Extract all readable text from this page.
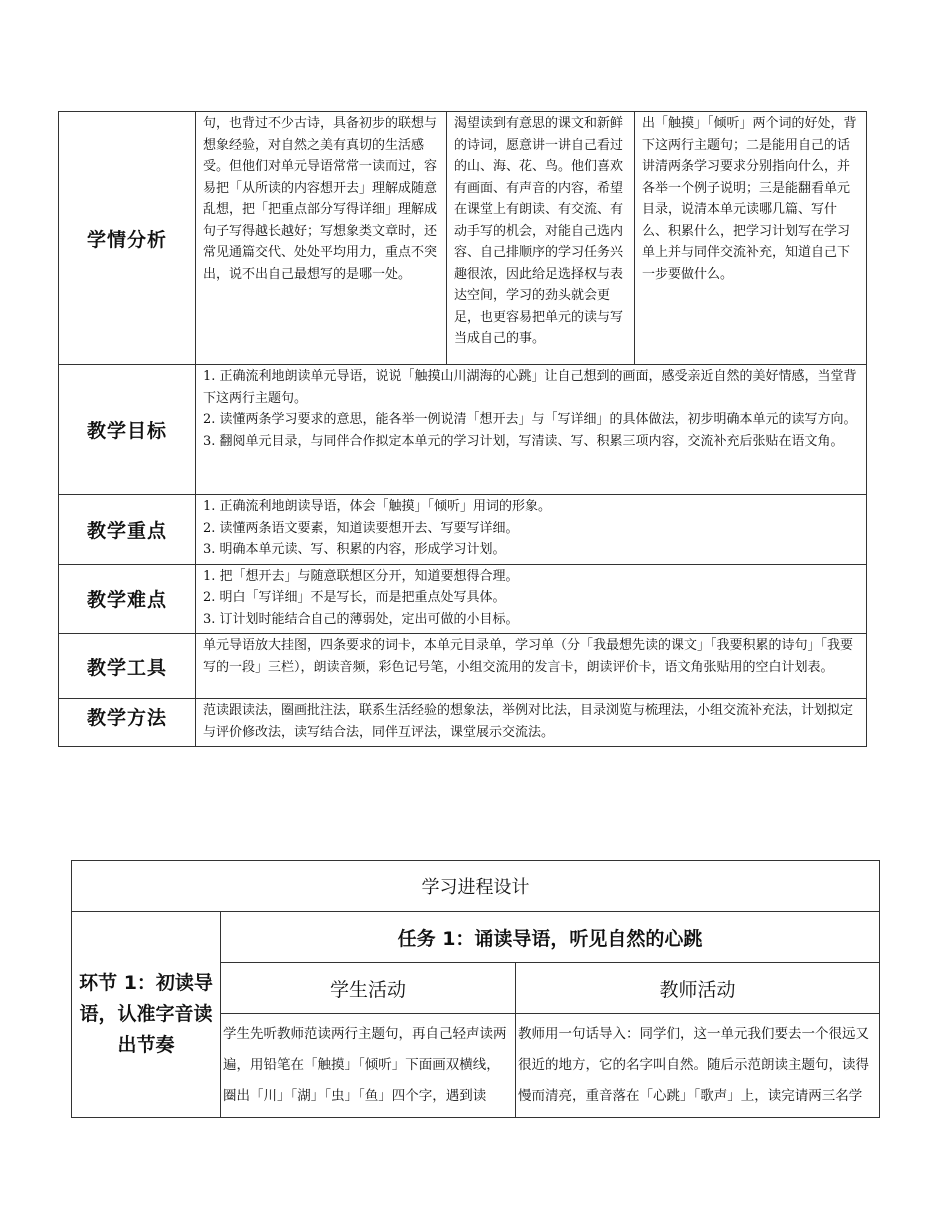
学情分析	句，也背过不少古诗，具备初步的联想与想象经验，对自然之美有真切的生活感受。但他们对单元导语常常一读而过，容易把「从所读的内容想开去」理解成随意乱想，把「把重点部分写得详细」理解成句子写得越长越好；写想象类文章时，还常见通篇交代、处处平均用力，重点不突出，说不出自己最想写的是哪一处。	渴望读到有意思的课文和新鲜的诗词，愿意讲一讲自己看过的山、海、花、鸟。他们喜欢有画面、有声音的内容，希望在课堂上有朗读、有交流、有动手写的机会，对能自己选内容、自己排顺序的学习任务兴趣很浓，因此给足选择权与表达空间，学习的劲头就会更足，也更容易把单元的读与写当成自己的事。	出「触摸」「倾听」两个词的好处，背下这两行主题句；二是能用自己的话讲清两条学习要求分别指向什么，并各举一个例子说明；三是能翻看单元目录，说清本单元读哪几篇、写什么、积累什么，把学习计划写在学习单上并与同伴交流补充，知道自己下一步要做什么。

教学目标	1. 正确流利地朗读单元导语，说说「触摸山川湖海的心跳」让自己想到的画面，感受亲近自然的美好情感，当堂背下这两行主题句。

2. 读懂两条学习要求的意思，能各举一例说清「想开去」与「写详细」的具体做法，初步明确本单元的读写方向。

3. 翻阅单元目录，与同伴合作拟定本单元的学习计划，写清读、写、积累三项内容，交流补充后张贴在语文角。		

教学重点	1. 正确流利地朗读导语，体会「触摸」「倾听」用词的形象。

2. 读懂两条语文要素，知道读要想开去、写要写详细。

3. 明确本单元读、写、积累的内容，形成学习计划。		

教学难点	1. 把「想开去」与随意联想区分开，知道要想得合理。

2. 明白「写详细」不是写长，而是把重点处写具体。

3. 订计划时能结合自己的薄弱处，定出可做的小目标。		

教学工具	单元导语放大挂图，四条要求的词卡，本单元目录单，学习单（分「我最想先读的课文」「我要积累的诗句」「我要写的一段」三栏），朗读音频，彩色记号笔，小组交流用的发言卡，朗读评价卡，语文角张贴用的空白计划表。		

教学方法	范读跟读法，圈画批注法，联系生活经验的想象法，举例对比法，目录浏览与梳理法，小组交流补充法，计划拟定与评价修改法，读写结合法，同伴互评法，课堂展示交流法。		

学习进程设计		
环节 1：初读导语，认准字音读出节奏	任务 1：诵读导语，听见自然的心跳	
	学生活动	教师活动

	学生先听教师范读两行主题句，再自己轻声读两遍，用铅笔在「触摸」「倾听」下面画双横线，圈出「川」「湖」「虫」「鱼」四个字，遇到读	教师用一句话导入：同学们，这一单元我们要去一个很远又很近的地方，它的名字叫自然。随后示范朗读主题句，读得慢而清亮，重音落在「心跳」「歌声」上，读完请两三名学
